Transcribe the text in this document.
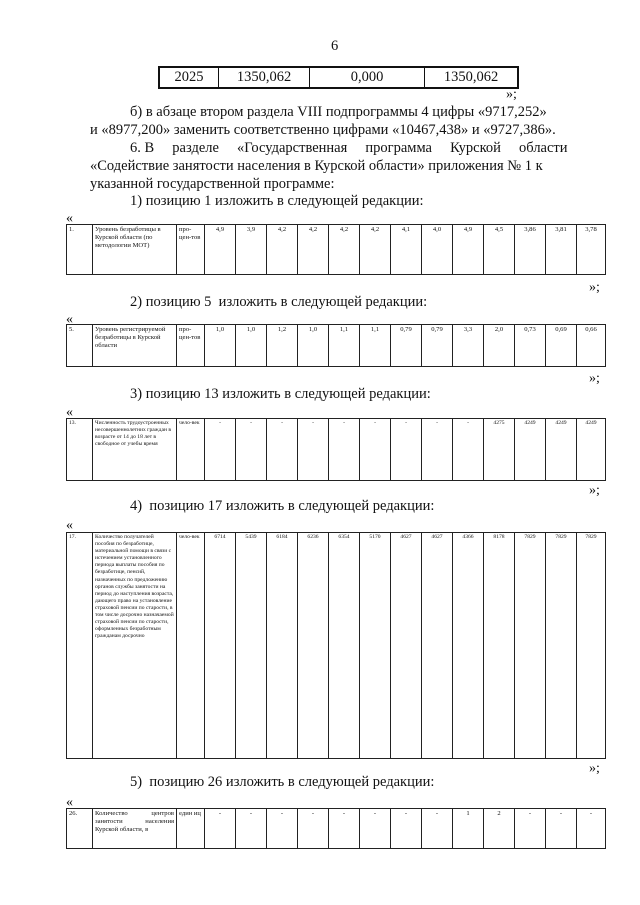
6
2025	1350,062	0,000	1350,062
»;
б) в абзаце втором раздела VIII подпрограммы 4 цифры «9717,252»
и «8977,200» заменить соответственно цифрами «10467,438» и «9727,386».
6. В     разделе     «Государственная     программа     Курской     области
«Содействие занятости населения в Курской области» приложения № 1 к
указанной государственной программе:
1) позицию 1 изложить в следующей редакции:
«
1.	Уровень безработицы в Курской области (по методологии МОТ)	про-цен-тов	4,9	3,9	4,2	4,2	4,2	4,2	4,1	4,0	4,9	4,5	3,86	3,81	3,78
»;
2) позицию 5  изложить в следующей редакции:
«
5.	Уровень регистрируемой безработицы в Курской области	про-цен-тов	1,0	1,0	1,2	1,0	1,1	1,1	0,79	0,79	3,3	2,0	0,73	0,69	0,66
»;
3) позицию 13 изложить в следующей редакции:
«
13.	Численность трудоустроенных несовершеннолетних граждан в возрасте от 14 до 18 лет в свободное от учебы время	чело-век	-	-	-	-	-	-	-	-	-	4275	4249	4249	4249
»;
4)  позицию 17 изложить в следующей редакции:
«
17.	Количество получателей пособия по безработице, материальной помощи в связи с истечением установленного периода выплаты пособия по безработице, пенсий, назначенных по предложению органов службы занятости на период до наступления возраста, дающего право на установление страховой пенсии по старости, в том числе досрочно назначаемой страховой пенсии по старости, оформленных безработным гражданам досрочно	чело-век	6714	5439	6184	6236	6354	5170	4627	4627	4366	8178	7829	7829	7829
»;
5)  позицию 26 изложить в следующей редакции:
«
26.	Количество центров занятости населения Курской области, в	един иц	-	-	-	-	-	-	-	-	1	2	-	-	-
